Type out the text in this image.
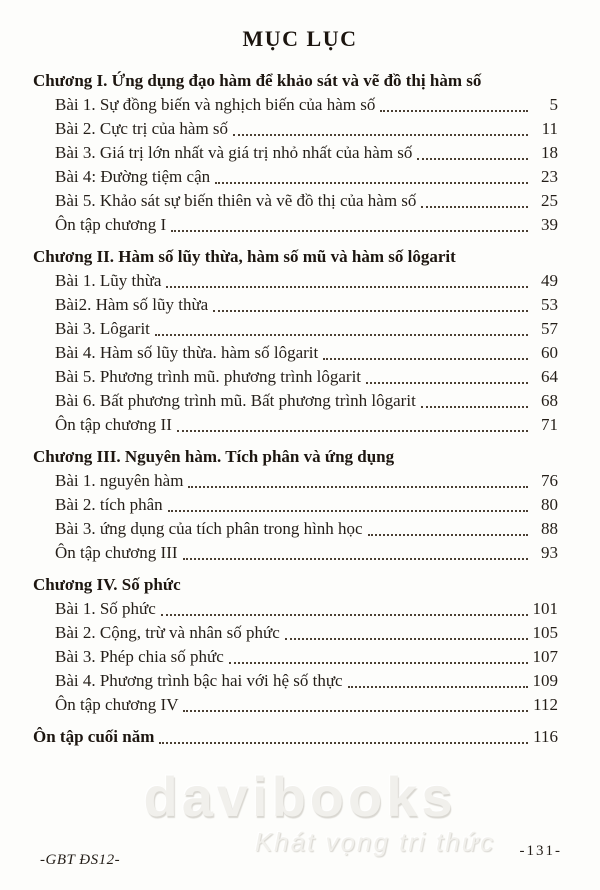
MỤC LỤC
Chương I. Ứng dụng đạo hàm để khảo sát và vẽ đồ thị hàm số
Bài 1. Sự đồng biến và nghịch biến của hàm số	5
Bài 2. Cực trị của hàm số	11
Bài 3. Giá trị lớn nhất và giá trị nhỏ nhất của hàm số	18
Bài 4: Đường tiệm cận	23
Bài 5. Khảo sát sự biến thiên và vẽ đồ thị của hàm số	25
Ôn tập chương I	39
Chương II. Hàm số lũy thừa, hàm số mũ và hàm số lôgarit
Bài 1. Lũy thừa	49
Bài2. Hàm số lũy thừa	53
Bài 3. Lôgarit	57
Bài 4. Hàm số lũy thừa. hàm số lôgarit	60
Bài 5. Phương trình mũ. phương trình lôgarit	64
Bài 6. Bất phương trình mũ. Bất phương trình lôgarit	68
Ôn tập chương II	71
Chương III. Nguyên hàm. Tích phân và ứng dụng
Bài 1. nguyên hàm	76
Bài 2. tích phân	80
Bài 3. ứng dụng của tích phân trong hình học	88
Ôn tập chương III	93
Chương IV. Số phức
Bài 1. Số phức	101
Bài 2. Cộng, trừ và nhân số phức	105
Bài 3. Phép chia số phức	107
Bài 4. Phương trình bậc hai với hệ số thực	109
Ôn tập chương IV	112
Ôn tập cuối năm	116
davibooks
Khát vọng tri thức
-GBT ĐS12-
-131-
